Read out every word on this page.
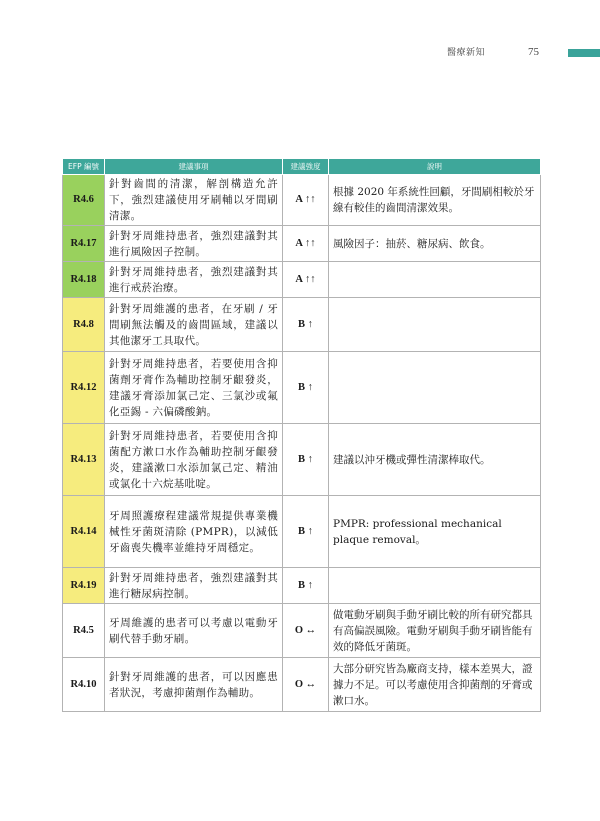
醫療新知	75
EFP 編號	建議事項	建議強度	說明
R4.6	針對齒間的清潔，解剖構造允許下，強烈建議使用牙刷輔以牙間刷清潔。	A ↑↑	根據 2020 年系統性回顧，牙間刷相較於牙線有較佳的齒間清潔效果。
R4.17	針對牙周維持患者，強烈建議對其進行風險因子控制。	A ↑↑	風險因子：抽菸、糖尿病、飲食。
R4.18	針對牙周維持患者，強烈建議對其進行戒菸治療。	A ↑↑	
R4.8	針對牙周維護的患者，在牙刷 / 牙間刷無法觸及的齒間區域，建議以其他潔牙工具取代。	B ↑	
R4.12	針對牙周維持患者，若要使用含抑菌劑牙膏作為輔助控制牙齦發炎，建議牙膏添加氯己定、三氯沙或氟化亞錫 - 六偏磷酸鈉。	B ↑	
R4.13	針對牙周維持患者，若要使用含抑菌配方漱口水作為輔助控制牙齦發炎，建議漱口水添加氯己定、精油或氯化十六烷基吡啶。	B ↑	建議以沖牙機或彈性清潔棒取代。
R4.14	牙周照護療程建議常規提供專業機械性牙菌斑清除 (PMPR)，以減低牙齒喪失機率並維持牙周穩定。	B ↑	PMPR: professional mechanical plaque removal。
R4.19	針對牙周維持患者，強烈建議對其進行糖尿病控制。	B ↑	
R4.5	牙周維護的患者可以考慮以電動牙刷代替手動牙刷。	O ↔	做電動牙刷與手動牙刷比較的所有研究都具有高偏誤風險。電動牙刷與手動牙刷皆能有效的降低牙菌斑。
R4.10	針對牙周維護的患者，可以因應患者狀況，考慮抑菌劑作為輔助。	O ↔	大部分研究皆為廠商支持，樣本差異大，證據力不足。可以考慮使用含抑菌劑的牙膏或漱口水。
